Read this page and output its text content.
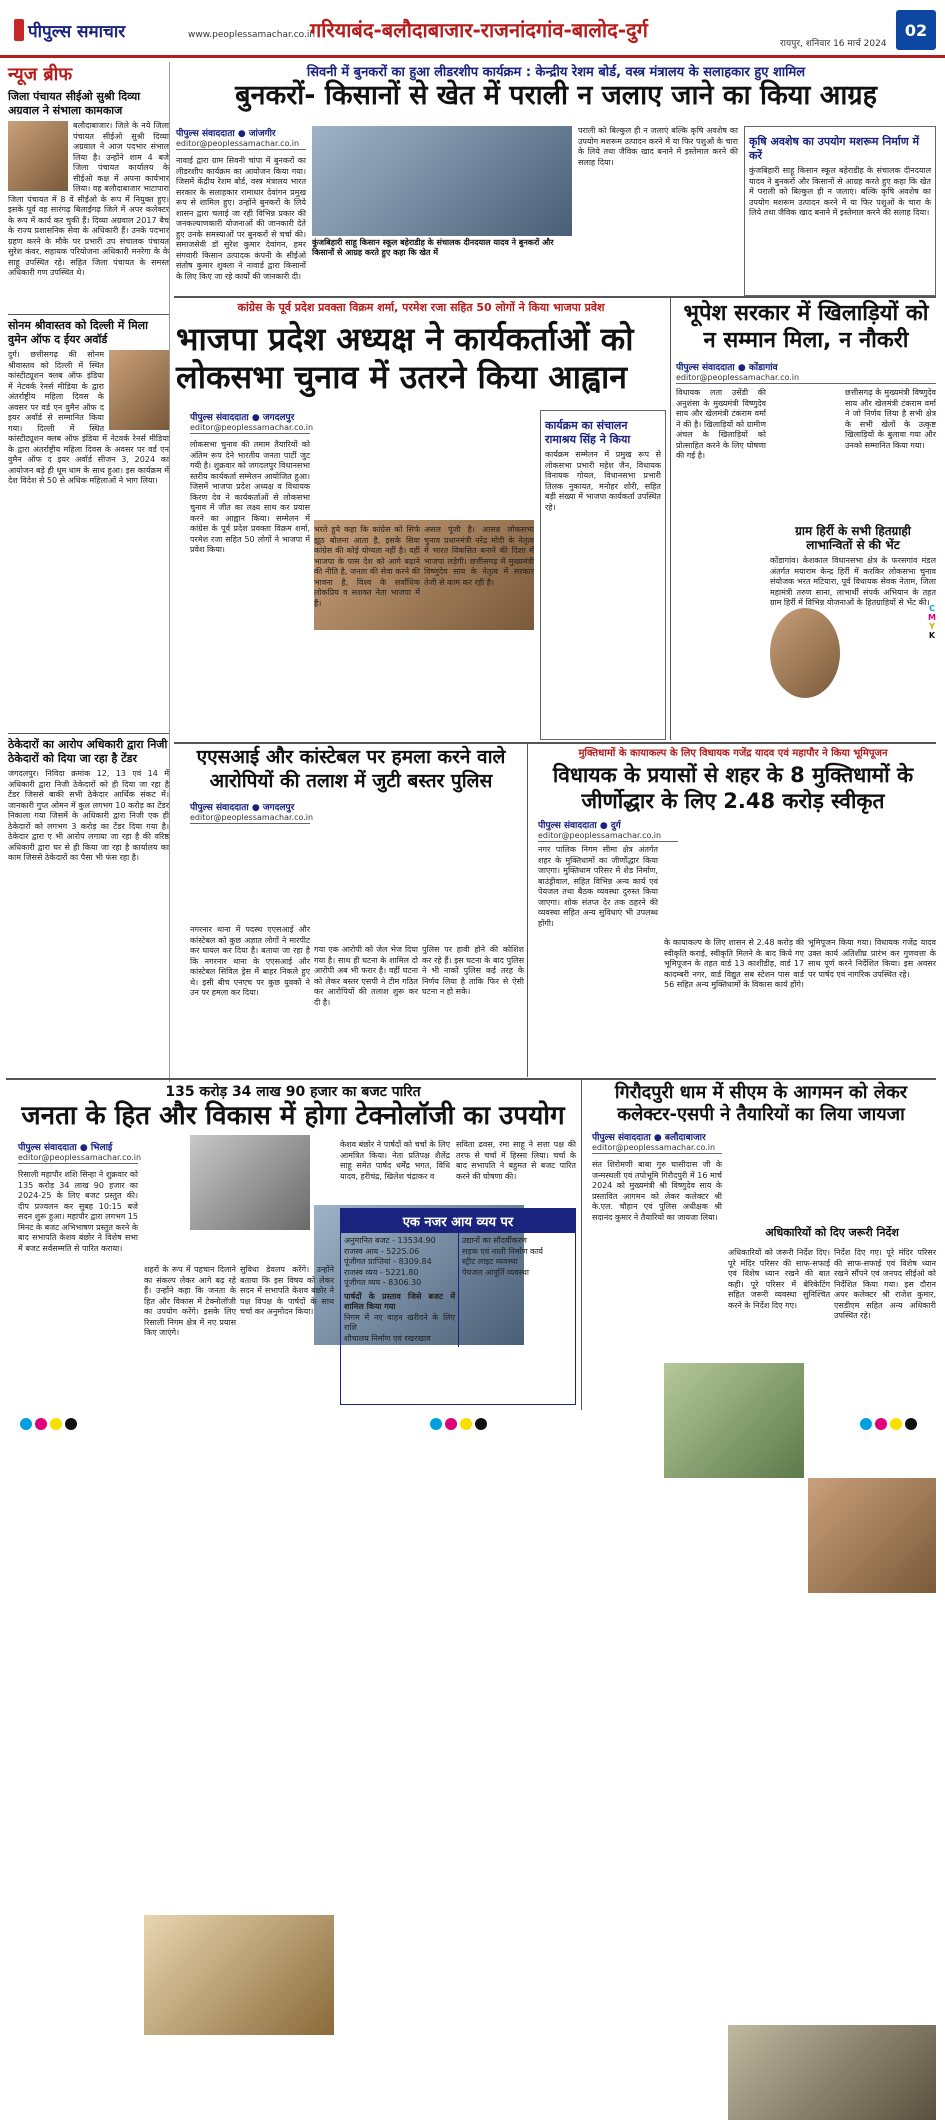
पीपुल्स समाचार	www.peoplessamachar.co.in
गरियाबंद-बलौदाबाजार-राजनांदगांव-बालोद-दुर्ग
रायपुर, शनिवार 16 मार्च 2024
02
न्यूज ब्रीफ
जिला पंचायत सीईओ सुश्री दिव्या अग्रवाल ने संभाला कामकाज
बलौदाबाजार। जिले के नये जिला पंचायत सीईओ सुश्री दिव्या अग्रवाल ने आज पदभार संभाल लिया है। उन्होंने शाम 4 बजे जिला पंचायत कार्यालय के सीईओ कक्ष में अपना कार्यभार लिया। वह बलौदाबाजार भाटापारा जिला पंचायत में 8 वें सीईओ के रूप में नियुक्त हुए। इसके पूर्व वह सारंगढ़ बिलाईगढ़ जिले में अपर कलेक्टर के रूप में कार्य कर चुकी हैं। दिव्या अग्रवाल 2017 बैच के राज्य प्रशासनिक सेवा के अधिकारी हैं। उनके पदभार ग्रहण करने के मौके पर प्रभारी उप संचालक पंचायत सुरेश कंवर, सहायक परियोजना अधिकारी मनरेगा के के साहू उपस्थित रहे। सहित जिला पंचायत के समस्त अधिकारी गण उपस्थित थे।
सोनम श्रीवास्तव को दिल्ली में मिला वुमेन ऑफ द ईयर अवॉर्ड
दुर्ग। छत्तीसगढ़ की सोनम श्रीवास्तव को दिल्ली में स्थित कांस्टीट्यूशन क्लब ऑफ इंडिया में नेटवर्क रेनर्स मीडिया के द्वारा अंतर्राष्ट्रीय महिला दिवस के अवसर पर वर्ड एन वुमैन ऑफ द इयर अवॉर्ड से सम्मानित किया गया। दिल्ली में स्थित कांस्टीट्यूशन क्लब ऑफ इंडिया में नेटवर्क रेनर्स मीडिया के द्वारा अंतर्राष्ट्रीय महिला दिवस के अवसर पर वर्ड एन वुमैन ऑफ द इयर अवॉर्ड सीजन 3, 2024 का आयोजन बड़े ही धूम धाम के साथ हुआ। इस कार्यक्रम में देश विदेश से 50 से अधिक महिलाओं ने भाग लिया।
ठेकेदारों का आरोप अधिकारी द्वारा निजी ठेकेदारों को दिया जा रहा है टेंडर
जगदलपुर। निविदा क्रमांक 12, 13 एवं 14 में अधिकारी द्वारा निजी ठेकेदारों को ही दिया जा रहा है टेंडर जिससे बाकी सभी ठेकेदार आर्थिक संकट में। जानकारी गुप्त ओमन में कुल लगभग 10 करोड़ का टेंडर निकाला गया जिसमें के अधिकारी द्वारा निजी एक ही ठेकेदारों को लगभग 3 करोड़ का टेंडर दिया गया है। ठेकेदार द्वारा ए भी आरोप लगाया जा रहा है की वरिष्ठ अधिकारी द्वारा घर से ही किया जा रहा है कार्यालय का काम जिससे ठेकेदारों का पैसा भी फंस रहा है।
सिवनी में बुनकरों का हुआ लीडरशीप कार्यक्रम : केन्द्रीय रेशम बोर्ड, वस्त्र मंत्रालय के सलाहकार हुए शामिल
बुनकरों- किसानों से खेत में पराली न जलाए जाने का किया आग्रह
पीपुल्स संवाददाता ● जांजगीर
editor@peoplessamachar.co.in
नावाई द्वारा ग्राम सिवनी चांपा में बुनकरों का लीडरशीप कार्यक्रम का आयोजन किया गया। जिसमें केंद्रीय रेशम बोर्ड, वस्त्र मंत्रालय भारत सरकार के सलाहकार रामाधार देवांगन प्रमुख रूप से शामिल हुए। उन्होंने बुनकरों के लिये शासन द्वारा चलाई जा रही विभिन्न प्रकार की जनकल्याणकारी योजनाओं की जानकारी देते हुए उनके समस्याओं पर बुनकरों से चर्चा की। समाजसेवी डॉ सुरेश कुमार देवांगन, हमर संगवारी किसान उत्पादक कंपनी के सीईओ संतोष कुमार शुक्ला ने नावार्ड द्वारा किसानों के लिए किए जा रहे कार्यों की जानकारी दी।
कुंजबिहारी साहू किसान स्कूल बहेराडीह के संचालक दीनदयाल यादव ने बुनकरों और किसानों से आग्रह करते हुए कहा कि खेत में
पराली को बिल्कुल ही न जलाएं बल्कि कृषि अवशेष का उपयोग मशरूम उत्पादन करने में या फिर पशुओं के चारा के लिये तथा जैविक खाद बनाने में इस्तेमाल करने की सलाह दिया।
कृषि अवशेष का उपयोग मशरूम निर्माण में करें
कुंजबिहारी साहू किसान स्कूल बहेराडीह के संचालक दीनदयाल यादव ने बुनकरों और किसानों से आग्रह करते हुए कहा कि खेत में पराली को बिल्कुल ही न जलाएं। बल्कि कृषि अवशेष का उपयोग मशरूम उत्पादन करने में या फिर पशुओं के चारा के लिये तथा जैविक खाद बनाने में इस्तेमाल करने की सलाह दिया।
कांग्रेस के पूर्व प्रदेश प्रवक्ता विक्रम शर्मा, परमेश रजा सहित 50 लोगों ने किया भाजपा प्रवेश
भाजपा प्रदेश अध्यक्ष ने कार्यकर्ताओं को लोकसभा चुनाव में उतरने किया आह्वान
पीपुल्स संवाददाता ● जगदलपुर
editor@peoplessamachar.co.in
लोकसभा चुनाव की तमाम तैयारियों को अंतिम रूप देने भारतीय जनता पार्टी जुट गयी है। शुक्रवार को जगदलपुर विधानसभा स्तरीय कार्यकर्ता सम्मेलन आयोजित हुआ। जिसमें भाजपा प्रदेश अध्यक्ष व विधायक किरण देव ने कार्यकर्ताओं से लोकसभा चुनाव में जीत का लक्ष्य साथ कर प्रयास करने का आह्वान किया। सम्मेलन में कांग्रेस के पूर्व प्रदेश प्रवक्ता विक्रम शर्मा, परमेश रजा सहित 50 लोगों ने भाजपा में प्रवेश किया।
भरते हुये कहा कि कांग्रेस को सिर्फ झूठ बोलना आता है, इसके सिवा कांग्रेस की कोई योग्यता नहीं है। वहीं भाजपा के पास देश को आगे बढ़ाने की नीति है, जनता की सेवा करने की भावना है, विश्व के सर्वाधिक लोकप्रिय व सशक्त नेता भाजपा में हैं।
असल पूंजी है। आसन्न लोकसभा चुनाव प्रधानमंत्री नरेंद्र मोदी के नेतृत्व में भारत विकसित बनाने की दिशा में भाजपा लड़ेगी। छत्तीसगढ़ में मुख्यमंत्री विष्णुदेव साय के नेतृत्व में सरकार तेजी से काम कर रही है।
कार्यक्रम का संचालन रामाश्रय सिंह ने किया
कार्यक्रम सम्मेलन में प्रमुख रूप से लोकसभा प्रभारी महेश जैन, विधायक विनायक गोयल, विधानसभा प्रभारी तिलक नुकायत, मनोहर शोरी, सहित बड़ी संख्या में भाजपा कार्यकर्ता उपस्थित रहे।
भूपेश सरकार में खिलाड़ियों को न सम्मान मिला, न नौकरी
पीपुल्स संवाददाता ● कोंडागांव
editor@peoplessamachar.co.in
विधायक लता उसेंडी की अनुशंसा के मुख्यमंत्री विष्णुदेव साय और खेलमंत्री टंकराम वर्मा ने की है। खिलाड़ियों को ग्रामीण अंचल के खिलाड़ियों को प्रोत्साहित करने के लिए घोषणा की गई है।
छत्तीसगढ़ के मुख्यमंत्री विष्णुदेव साय और खेलमंत्री टंकराम वर्मा ने जो निर्णय लिया है सभी क्षेत्र के सभी खेलों के उत्कृष्ट खिलाड़ियों के बुलावा गया और उनको सम्मानित किया गया।
ग्राम हिर्री के सभी हितग्राही लाभान्वितों से की भेंट
कोंडागांव। केशकाल विधानसभा क्षेत्र के फरसगांव मंडल अंतर्गत मयाराम केन्द्र हिर्री में करकिर लोकसभा चुनाव संयोजक भरत मटियारा, पूर्व विधायक सेवक नेताम, जिला महामंत्री तरुण साना, लाभार्थी संपर्क अभियान के तहत ग्राम हिर्री में विभिन्न योजनाओं के हितग्राहियों से भेंट की।
एएसआई और कांस्टेबल पर हमला करने वाले आरोपियों की तलाश में जुटी बस्तर पुलिस
पीपुल्स संवाददाता ● जगदलपुर
editor@peoplessamachar.co.in
नगरनार थाना में पदस्थ एएसआई और कांस्टेबल को कुछ अज्ञात लोगों ने मारपीट कर घायल कर दिया है। बताया जा रहा है कि नगरनार थाना के एएसआई और कांस्टेबल सिविल ड्रेस में बाहर निकले हुए थे। इसी बीच एनएच पर कुछ युवकों ने उन पर हमला कर दिया।
गया एक आरोपी को जेल भेज दिया गया है। साथ ही घटना के शामिल दो आरोपी अब भी फरार है। वहीं घटना को लेकर बस्तर एसपी ने टीम गठित कर आरोपियों की तलाश शुरू कर दी है।
पुलिस पर हावी होने की कोशिश कर रहे हैं। इस घटना के बाद पुलिस ने भी नाकों पुलिस कई तरह के निर्णय लिया है ताकि फिर से ऐसी घटना न हो सके।
मुक्तिधामों के कायाकल्प के लिए विधायक गजेंद्र यादव एवं महापौर ने किया भूमिपूजन
विधायक के प्रयासों से शहर के 8 मुक्तिधामों के जीर्णोद्धार के लिए 2.48 करोड़ स्वीकृत
पीपुल्स संवाददाता ● दुर्ग
editor@peoplessamachar.co.in
नगर पालिक निगम सीमा क्षेत्र अंतर्गत शहर के मुक्तिधामों का जीर्णोद्धार किया जाएगा। मुक्तिधाम परिसर में शेड निर्माण, बाउंड्रीवाल, सहित विभिन्न अन्य कार्य एवं पेयजल तथा बैठक व्यवस्था दुरुस्त किया जाएगा। शोक संतप्त देर तक ठहरने की व्यवस्था सहित अन्य सुविधाएं भी उपलब्ध होंगी।
के कायाकल्प के लिए शासन से 2.48 करोड़ की स्वीकृति कराई, स्वीकृति मिलने के बाद किये गए भूमिपूजन के तहत वार्ड 13 काशीडीह, वार्ड 17 कादम्बरी नगर, वार्ड विद्युत सब स्टेशन पास वार्ड 56 सहित अन्य मुक्तिधामों के विकास कार्य होंगे।
भूमिपूजन किया गया। विधायक गजेंद्र यादव उक्त कार्य अतिशीघ्र प्रारंभ कर गुणवत्ता के साथ पूर्ण करने निर्देशित किया। इस अवसर पर पार्षद एवं नागरिक उपस्थित रहे।
135 करोड़ 34 लाख 90 हजार का बजट पारित
जनता के हित और विकास में होगा टेक्नोलॉजी का उपयोग
पीपुल्स संवाददाता ● भिलाई
editor@peoplessamachar.co.in
रिसाली महापौर शशि सिन्हा ने शुक्रवार को 135 करोड़ 34 लाख 90 हजार का 2024-25 के लिए बजट प्रस्तुत की। दीप प्रज्वलन कर सुबह 10:15 बजे सदन शुरू हुआ। महापौर द्वारा लगभग 15 मिनट के बजट अभिभाषण प्रस्तुत करने के बाद सभापति केशव बंछोर ने विशेष सभा में बजट सर्वसम्मति से पारित कराया।
शहरों के रूप में पहचान दिलाने का संकल्प लेकर आगे बढ़ रहे हैं। उन्होंने कहा कि जनता के हित और विकास में टेक्नोलॉजी का उपयोग करेंगे। इसके लिए रिसाली निगम क्षेत्र में नए प्रयास किए जाएंगे।
सुविधा डेवलप करेंगे। उन्होंने बताया कि इस विषय को लेकर सदन में सभापति केशव बंछोर ने पक्ष विपक्ष के पार्षदों के साथ चर्चा कर अनुमोदन किया।
केशव बंछोर ने पार्षदों को चर्चा के लिए आमंत्रित किया। नेता प्रतिपक्ष शैलेंद्र साहू समेत पार्षद धर्मेंद्र भगत, विधि यादव, हरीचंद्र, खिलेश चंद्राकर व
सविता ढवस, रमा साहू ने सत्ता पक्ष की तरफ से चर्चा में हिस्सा लिया। चर्चा के बाद सभापति ने बहुमत से बजट पारित करने की घोषणा की।
एक नजर आय व्यय पर
अनुमानित बजट - 13534.90
राजस्व आय - 5225.06
पूंजीगत प्राप्तियां - 8309.84
राजस्व व्यय - 5221.80
पूंजीगत व्यय - 8306.30
पार्षदों के प्रस्ताव जिसे बजट में शामिल किया गया
निगम में नए वाहन खरीदने के लिए राशि
शौचालय निर्माण एवं रखरखाव
उद्यानों का सौंदर्यीकरण
सड़क एवं नाली निर्माण कार्य
स्ट्रीट लाइट व्यवस्था
पेयजल आपूर्ति व्यवस्था
गिरौदपुरी धाम में सीएम के आगमन को लेकर कलेक्टर-एसपी ने तैयारियों का लिया जायजा
पीपुल्स संवाददाता ● बलौदाबाजार
editor@peoplessamachar.co.in
अधिकारियों को दिए जरूरी निर्देश
संत शिरोमणी बाबा गुरु घासीदास जी के जन्मस्थली एवं तपोभूमि गिरौदपुरी में 16 मार्च 2024 को मुख्यमंत्री श्री विष्णुदेव साय के प्रस्तावित आगमन को लेकर कलेक्टर श्री के.एल. चौहान एवं पुलिस अधीक्षक श्री सदानंद कुमार ने तैयारियों का जायजा लिया।
अधिकारियों को जरूरी निर्देश दिए। पूरे मंदिर परिसर की साफ-सफाई एवं विशेष ध्यान रखने की बात कही। पूरे परिसर में बेरिकेटिंग सहित जरूरी व्यवस्था सुनिश्चित करने के निर्देश दिए गए।
निर्देश दिए गए। पूरे मंदिर परिसर की साफ-सफाई एवं विशेष ध्यान रखने सौंपने एवं जनपद सीईओ को निर्देशित किया गया। इस दौरान अपर कलेक्टर श्री राजेश कुमार, एसडीएम सहित अन्य अधिकारी उपस्थित रहे।
C
M
Y
K
